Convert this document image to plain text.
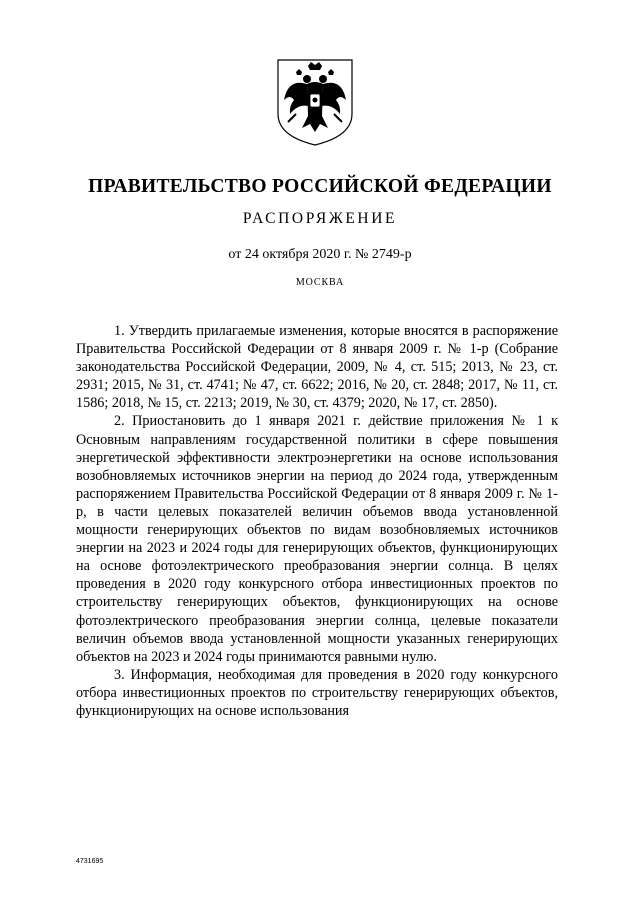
ПРАВИТЕЛЬСТВО РОССИЙСКОЙ ФЕДЕРАЦИИ
РАСПОРЯЖЕНИЕ
от 24 октября 2020 г. № 2749-р
МОСКВА

1. Утвердить прилагаемые изменения, которые вносятся в распоряжение Правительства Российской Федерации от 8 января 2009 г. № 1-р (Собрание законодательства Российской Федерации, 2009, № 4, ст. 515; 2013, № 23, ст. 2931; 2015, № 31, ст. 4741; № 47, ст. 6622; 2016, № 20, ст. 2848; 2017, № 11, ст. 1586; 2018, № 15, ст. 2213; 2019, № 30, ст. 4379; 2020, № 17, ст. 2850).

2. Приостановить до 1 января 2021 г. действие приложения № 1 к Основным направлениям государственной политики в сфере повышения энергетической эффективности электроэнергетики на основе использования возобновляемых источников энергии на период до 2024 года, утвержденным распоряжением Правительства Российской Федерации от 8 января 2009 г. № 1-р, в части целевых показателей величин объемов ввода установленной мощности генерирующих объектов по видам возобновляемых источников энергии на 2023 и 2024 годы для генерирующих объектов, функционирующих на основе фотоэлектрического преобразования энергии солнца. В целях проведения в 2020 году конкурсного отбора инвестиционных проектов по строительству генерирующих объектов, функционирующих на основе фотоэлектрического преобразования энергии солнца, целевые показатели величин объемов ввода установленной мощности указанных генерирующих объектов на 2023 и 2024 годы принимаются равными нулю.

3. Информация, необходимая для проведения в 2020 году конкурсного отбора инвестиционных проектов по строительству генерирующих объектов, функционирующих на основе использования

4731695
